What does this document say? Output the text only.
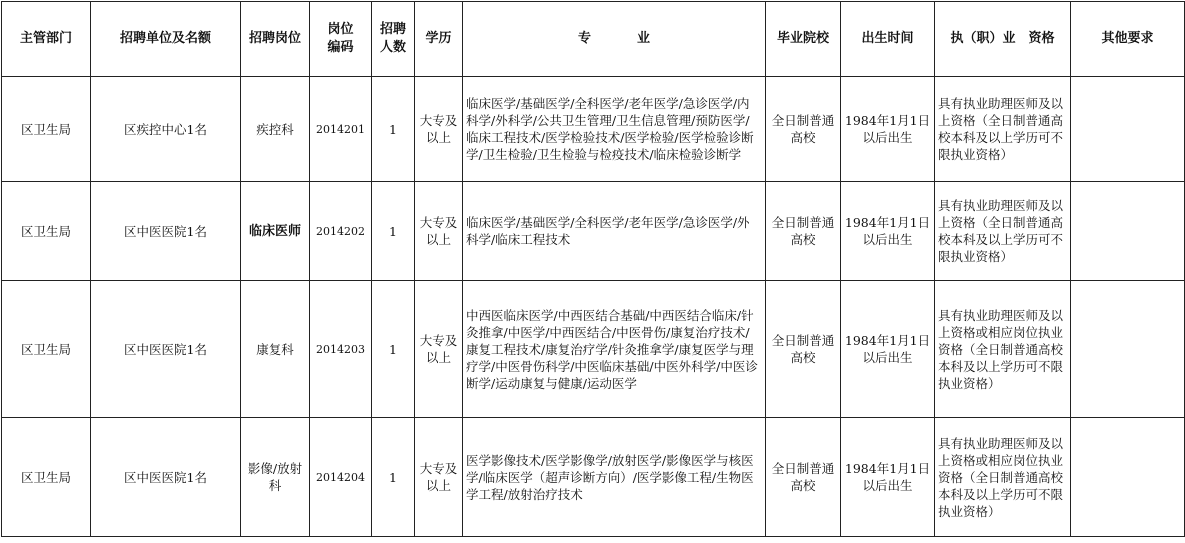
主管部门	招聘单位及名额	招聘岗位	岗位编码	招聘人数	学历	专 业	毕业院校	出生时间	执（职）业　资格	其他要求
区卫生局	区疾控中心1名	疾控科	2014201	1	大专及以上	临床医学/基础医学/全科医学/老年医学/急诊医学/内科学/外科学/公共卫生管理/卫生信息管理/预防医学/临床工程技术/医学检验技术/医学检验/医学检验诊断学/卫生检验/卫生检验与检疫技术/临床检验诊断学	全日制普通高校	1984年1月1日以后出生	具有执业助理医师及以上资格（全日制普通高校本科及以上学历可不限执业资格）	
区卫生局	区中医医院1名	临床医师	2014202	1	大专及以上	临床医学/基础医学/全科医学/老年医学/急诊医学/外科学/临床工程技术	全日制普通高校	1984年1月1日以后出生	具有执业助理医师及以上资格（全日制普通高校本科及以上学历可不限执业资格）	
区卫生局	区中医医院1名	康复科	2014203	1	大专及以上	中西医临床医学/中西医结合基础/中西医结合临床/针灸推拿/中医学/中西医结合/中医骨伤/康复治疗技术/康复工程技术/康复治疗学/针灸推拿学/康复医学与理疗学/中医骨伤科学/中医临床基础/中医外科学/中医诊断学/运动康复与健康/运动医学	全日制普通高校	1984年1月1日以后出生	具有执业助理医师及以上资格或相应岗位执业资格（全日制普通高校本科及以上学历可不限执业资格）	
区卫生局	区中医医院1名	影像/放射科	2014204	1	大专及以上	医学影像技术/医学影像学/放射医学/影像医学与核医学/临床医学（超声诊断方向）/医学影像工程/生物医学工程/放射治疗技术	全日制普通高校	1984年1月1日以后出生	具有执业助理医师及以上资格或相应岗位执业资格（全日制普通高校本科及以上学历可不限执业资格）	
